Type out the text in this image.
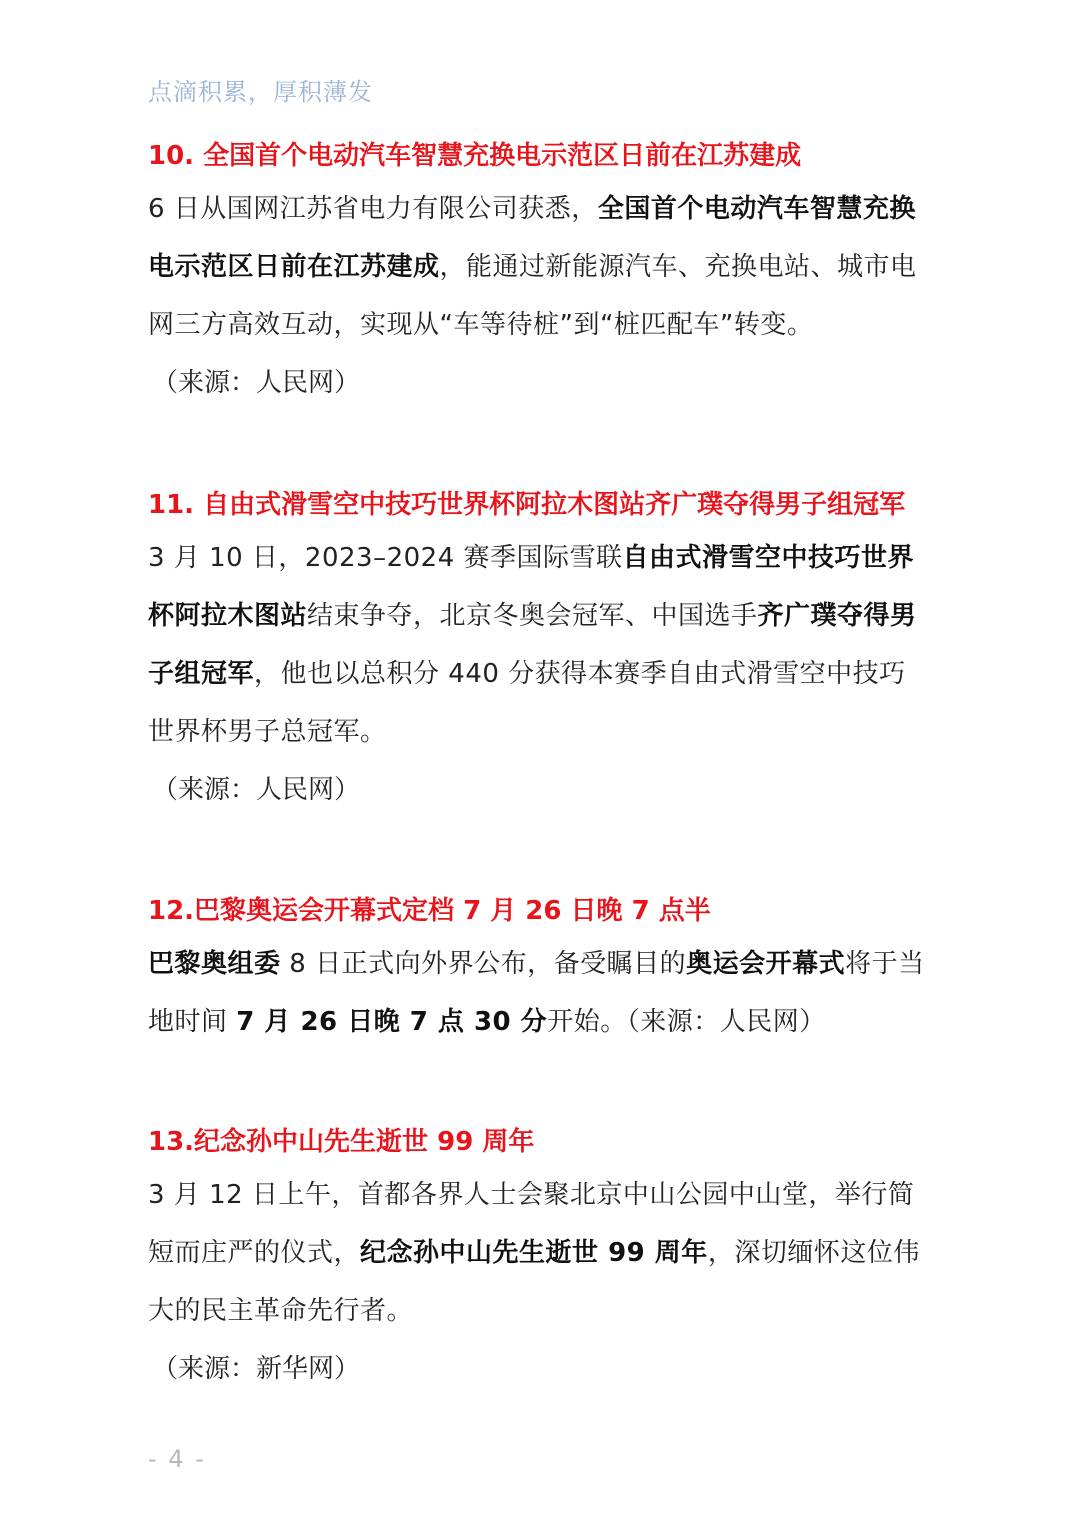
点滴积累，厚积薄发

10. 全国首个电动汽车智慧充换电示范区日前在江苏建成

6 日从国网江苏省电力有限公司获悉，全国首个电动汽车智慧充换电示范区日前在江苏建成，能通过新能源汽车、充换电站、城市电网三方高效互动，实现从“车等待桩”到“桩匹配车”转变。

（来源：人民网）

11. 自由式滑雪空中技巧世界杯阿拉木图站齐广璞夺得男子组冠军

3 月 10 日，2023–2024 赛季国际雪联自由式滑雪空中技巧世界杯阿拉木图站结束争夺，北京冬奥会冠军、中国选手齐广璞夺得男子组冠军，他也以总积分 440 分获得本赛季自由式滑雪空中技巧世界杯男子总冠军。

（来源：人民网）

12.巴黎奥运会开幕式定档 7 月 26 日晚 7 点半

巴黎奥组委 8 日正式向外界公布，备受瞩目的奥运会开幕式将于当地时间 7 月 26 日晚 7 点 30 分开始。（来源：人民网）

13.纪念孙中山先生逝世 99 周年

3 月 12 日上午，首都各界人士会聚北京中山公园中山堂，举行简短而庄严的仪式，纪念孙中山先生逝世 99 周年，深切缅怀这位伟大的民主革命先行者。

（来源：新华网）

- 4 -
